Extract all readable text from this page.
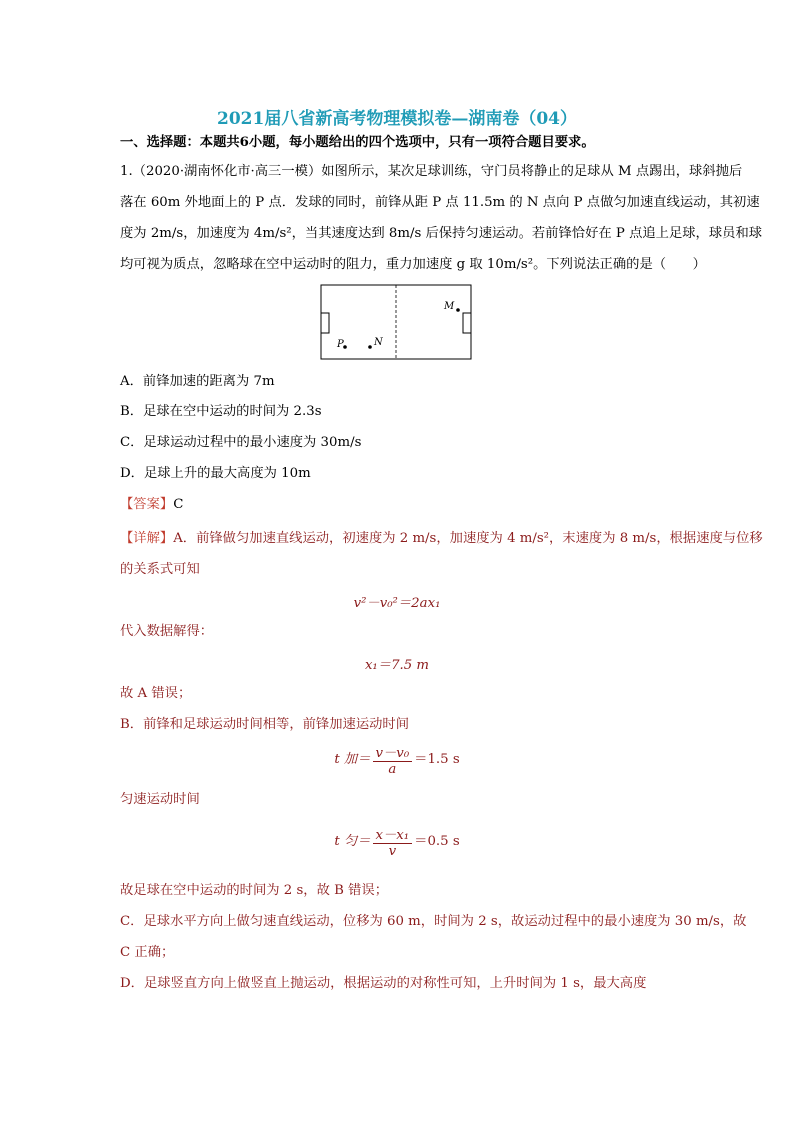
2021届八省新高考物理模拟卷—湖南卷（04）
一、选择题：本题共6小题，每小题给出的四个选项中，只有一项符合题目要求。
1.（2020·湖南怀化市·高三一模）如图所示，某次足球训练，守门员将静止的足球从 M 点踢出，球斜抛后
落在 60m 外地面上的 P 点．发球的同时，前锋从距 P 点 11.5m 的 N 点向 P 点做匀加速直线运动，其初速
度为 2m/s，加速度为 4m/s²，当其速度达到 8m/s 后保持匀速运动。若前锋恰好在 P 点追上足球，球员和球
均可视为质点，忽略球在空中运动时的阻力，重力加速度 g 取 10m/s²。下列说法正确的是（　　）
M
P	N
A．前锋加速的距离为 7m
B．足球在空中运动的时间为 2.3s
C．足球运动过程中的最小速度为 30m/s
D．足球上升的最大高度为 10m
【答案】C
【详解】A．前锋做匀加速直线运动，初速度为 2 m/s，加速度为 4 m/s²，末速度为 8 m/s，根据速度与位移
的关系式可知
v²－v₀²＝2ax₁
代入数据解得：
x₁＝7.5 m
故 A 错误；
B．前锋和足球运动时间相等，前锋加速运动时间
t 加＝ $\frac{\text{v－v₀}}{a} =1.5$ s
匀速运动时间
t 匀＝ $\frac{\text{x－x₁}}{v} =0.5$ s
故足球在空中运动的时间为 2 s，故 B 错误；
C．足球水平方向上做匀速直线运动，位移为 60 m，时间为 2 s，故运动过程中的最小速度为 30 m/s，故
C 正确；
D．足球竖直方向上做竖直上抛运动，根据运动的对称性可知，上升时间为 1 s，最大高度
